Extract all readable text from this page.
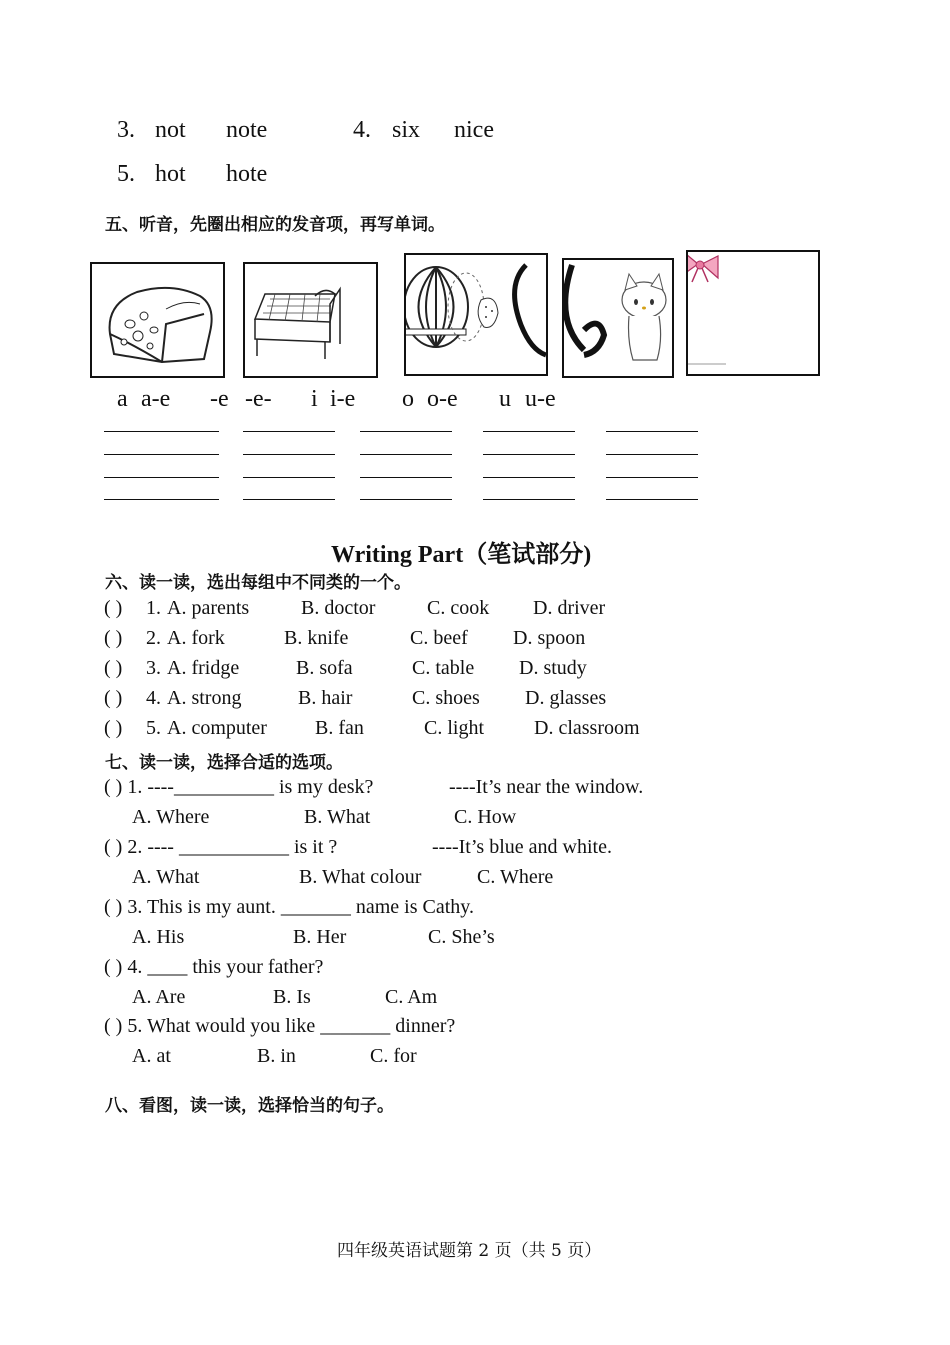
3. not note	4. six nice
5. hot hote
五、听音，先圈出相应的发音项，再写单词。
a a-e -e -e- i i-e o o-e u u-e
Writing Part（笔试部分)
六、读一读，选出每组中不同类的一个。
( ) 1. A. parents	B. doctor	C. cook D. driver
( ) 2. A. fork	B. knife	C. beef D. spoon
( ) 3. A. fridge	B. sofa	C. table D. study
( ) 4. A. strong	B. hair	C. shoes D. glasses
( ) 5. A. computer B. fan	C. light D. classroom
七、读一读，选择合适的选项。
( ) 1. ----__________ is my desk?	----It’s near the window.
A. Where	B. What	C. How
( ) 2. ---- ___________ is it ?	----It’s blue and white.
A. What	B. What colour	C. Where
( ) 3. This is my aunt. _______ name is Cathy.
A. His	B. Her	C. She’s
( ) 4. ____ this your father?
A. Are	B. Is	C. Am
( ) 5. What would you like _______ dinner?
A. at	B. in	C. for
八、看图，读一读，选择恰当的句子。
四年级英语试题第 2 页（共 5 页）
